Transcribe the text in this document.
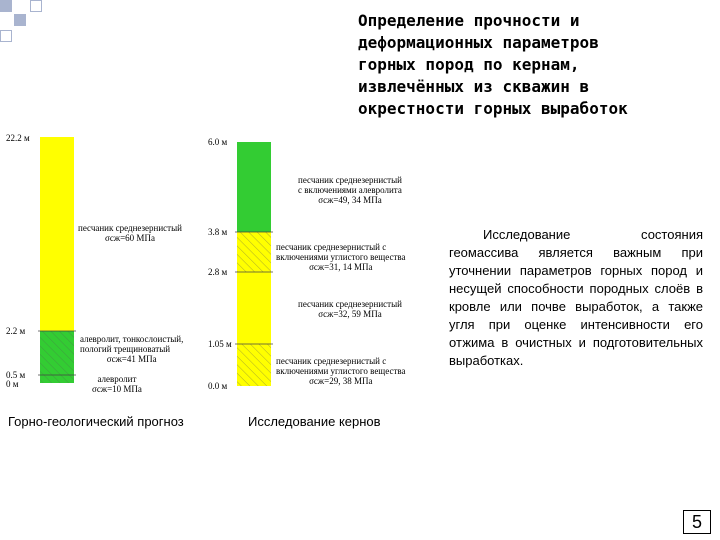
Определение прочности и
деформационных параметров
горных пород по кернам,
извлечённых из скважин в
окрестности горных выработок
22.2 м
2.2 м
0.5 м
0 м
песчаник среднезернистый
σсж=60 МПа
алевролит, тонкослоистый,
пологий трещиноватый
σсж=41 МПа
алевролит
σсж=10 МПа
6.0 м
3.8 м
2.8 м
1.05 м
0.0 м
песчаник среднезернистый
с включениями алевролита
σсж=49, 34 МПа
песчаник среднезернистый с
включениями углистого вещества
σсж=31, 14 МПа
песчаник среднезернистый
σсж=32, 59 МПа
песчаник среднезернистый с
включениями углистого вещества
σсж=29, 38 МПа
Горно-геологический прогноз	Исследование кернов
Исследование состояния геомассива является важным при уточнении параметров горных пород и несущей способности породных слоёв в кровле или почве выработок, а также угля при оценке интенсивности его отжима в очистных и подготовительных выработках.
5
